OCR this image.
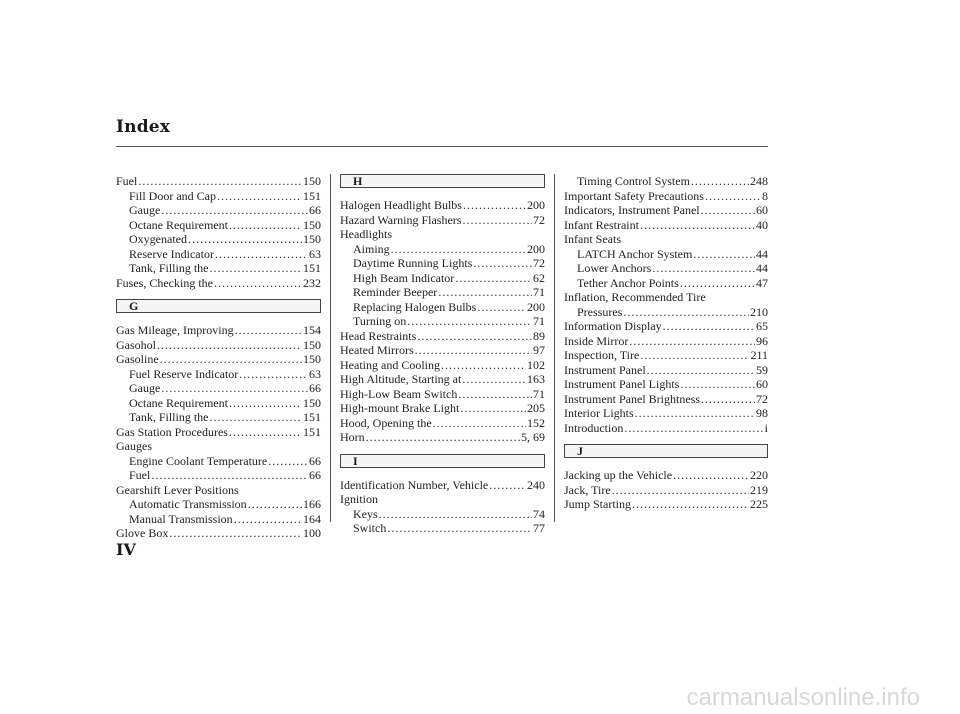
Index
Fuel .....	150
Fill Door and Cap .....	151
Gauge .....	66
Octane Requirement .....	150
Oxygenated .....	150
Reserve Indicator .....	63
Tank, Filling the .....	151
Fuses, Checking the .....	232
G
Gas Mileage, Improving .....	154
Gasohol .....	150
Gasoline .....	150
Fuel Reserve Indicator .....	63
Gauge .....	66
Octane Requirement .....	150
Tank, Filling the .....	151
Gas Station Procedures .....	151
Gauges
Engine Coolant Temperature .....	66
Fuel .....	66
Gearshift Lever Positions
Automatic Transmission .....	166
Manual Transmission .....	164
Glove Box .....	100
H
Halogen Headlight Bulbs .....	200
Hazard Warning Flashers .....	72
Headlights
Aiming .....	200
Daytime Running Lights .....	72
High Beam Indicator .....	62
Reminder Beeper .....	71
Replacing Halogen Bulbs .....	200
Turning on .....	71
Head Restraints .....	89
Heated Mirrors .....	97
Heating and Cooling .....	102
High Altitude, Starting at .....	163
High-Low Beam Switch .....	71
High-mount Brake Light .....	205
Hood, Opening the .....	152
Horn .....	5, 69
I
Identification Number, Vehicle .....	240
Ignition
Keys .....	74
Switch .....	77
Timing Control System .....	248
Important Safety Precautions .....	8
Indicators, Instrument Panel .....	60
Infant Restraint .....	40
Infant Seats
LATCH Anchor System .....	44
Lower Anchors .....	44
Tether Anchor Points .....	47
Inflation, Recommended Tire
Pressures .....	210
Information Display .....	65
Inside Mirror .....	96
Inspection, Tire .....	211
Instrument Panel .....	59
Instrument Panel Lights .....	60
Instrument Panel Brightness .....	72
Interior Lights .....	98
Introduction .....	i
J
Jacking up the Vehicle .....	220
Jack, Tire .....	219
Jump Starting .....	225
IV
carmanualsonline.info
